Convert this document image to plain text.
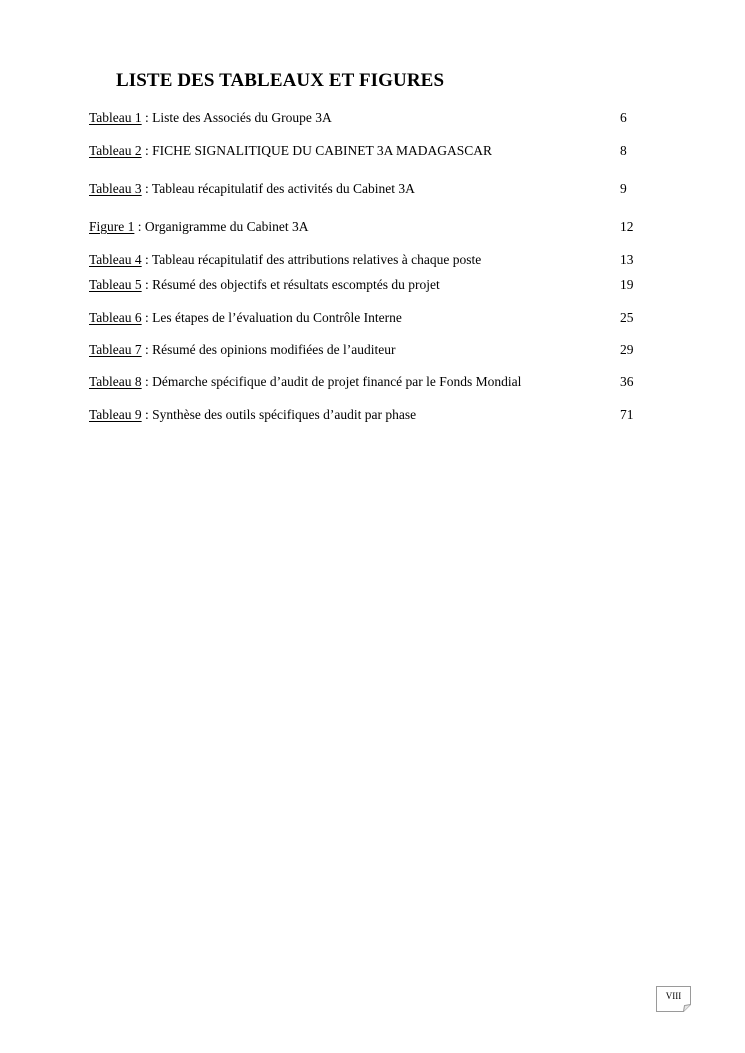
LISTE DES TABLEAUX ET FIGURES
Tableau 1 : Liste des Associés du Groupe 3A	6
Tableau 2 : FICHE SIGNALITIQUE DU CABINET 3A MADAGASCAR	8
Tableau 3 : Tableau récapitulatif des activités du Cabinet 3A	9
Figure 1 : Organigramme du Cabinet 3A	12
Tableau 4 : Tableau récapitulatif des attributions relatives à chaque poste	13
Tableau 5 : Résumé des objectifs et résultats escomptés du projet	19
Tableau 6 : Les étapes de l’évaluation du Contrôle Interne	25
Tableau 7 : Résumé des opinions modifiées de l’auditeur	29
Tableau 8 : Démarche spécifique d’audit de projet financé par le Fonds Mondial	36
Tableau 9 : Synthèse des outils spécifiques d’audit par phase	71
VIII
